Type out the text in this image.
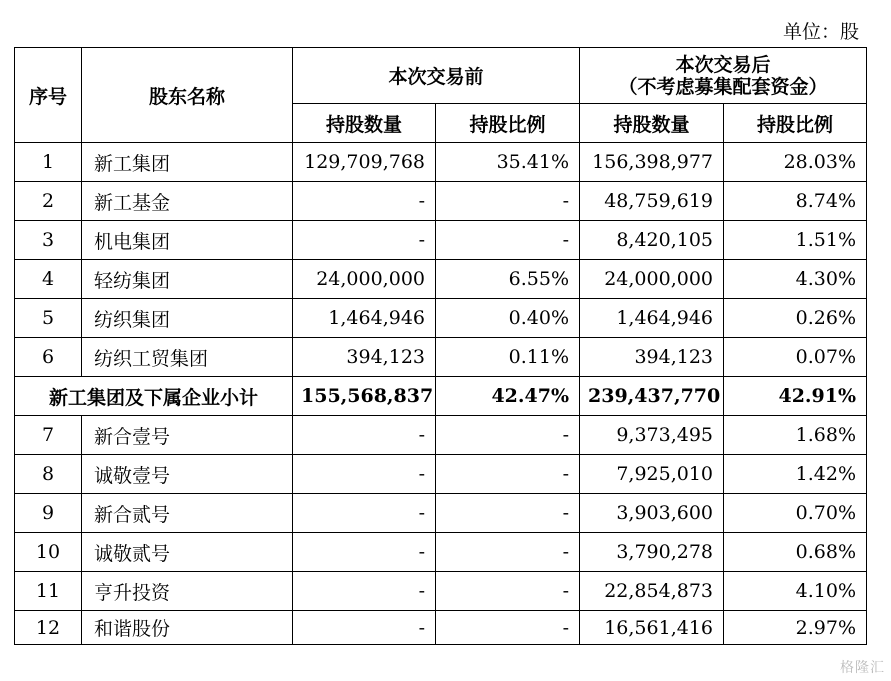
单位：股
序号	股东名称	本次交易前		本次交易后
（不考虑募集配套资金）	

		持股数量	持股比例	持股数量	持股比例
1	新工集团	129,709,768	35.41%	156,398,977	28.03%
2	新工基金	-	-	48,759,619	8.74%
3	机电集团	-	-	8,420,105	1.51%
4	轻纺集团	24,000,000	6.55%	24,000,000	4.30%
5	纺织集团	1,464,946	0.40%	1,464,946	0.26%
6	纺织工贸集团	394,123	0.11%	394,123	0.07%
新工集团及下属企业小计		155,568,837	42.47%	239,437,770	42.91%
7	新合壹号	-	-	9,373,495	1.68%
8	诚敬壹号	-	-	7,925,010	1.42%
9	新合贰号	-	-	3,903,600	0.70%
10	诚敬贰号	-	-	3,790,278	0.68%
11	亨升投资	-	-	22,854,873	4.10%
12	和谐股份	-	-	16,561,416	2.97%
格隆汇
